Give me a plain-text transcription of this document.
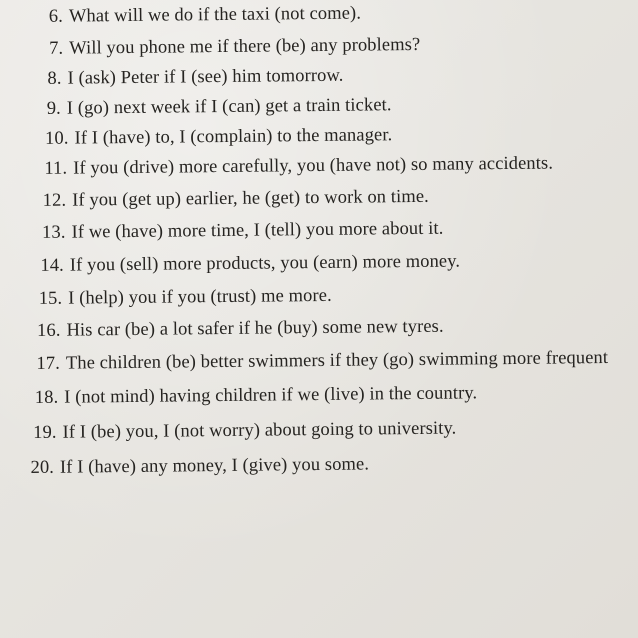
6. What will we do if the taxi (not come).
7. Will you phone me if there (be) any problems?
8. I (ask) Peter if I (see) him tomorrow.
9. I (go) next week if I (can) get a train ticket.
10. If I (have) to, I (complain) to the manager.
11. If you (drive) more carefully, you (have not) so many accidents.
12. If you (get up) earlier, he (get) to work on time.
13. If we (have) more time, I (tell) you more about it.
14. If you (sell) more products, you (earn) more money.
15. I (help) you if you (trust) me more.
16. His car (be) a lot safer if he (buy) some new tyres.
17. The children (be) better swimmers if they (go) swimming more frequent
18. I (not mind) having children if we (live) in the country.
19. If I (be) you, I (not worry) about going to university.
20. If I (have) any money, I (give) you some.
